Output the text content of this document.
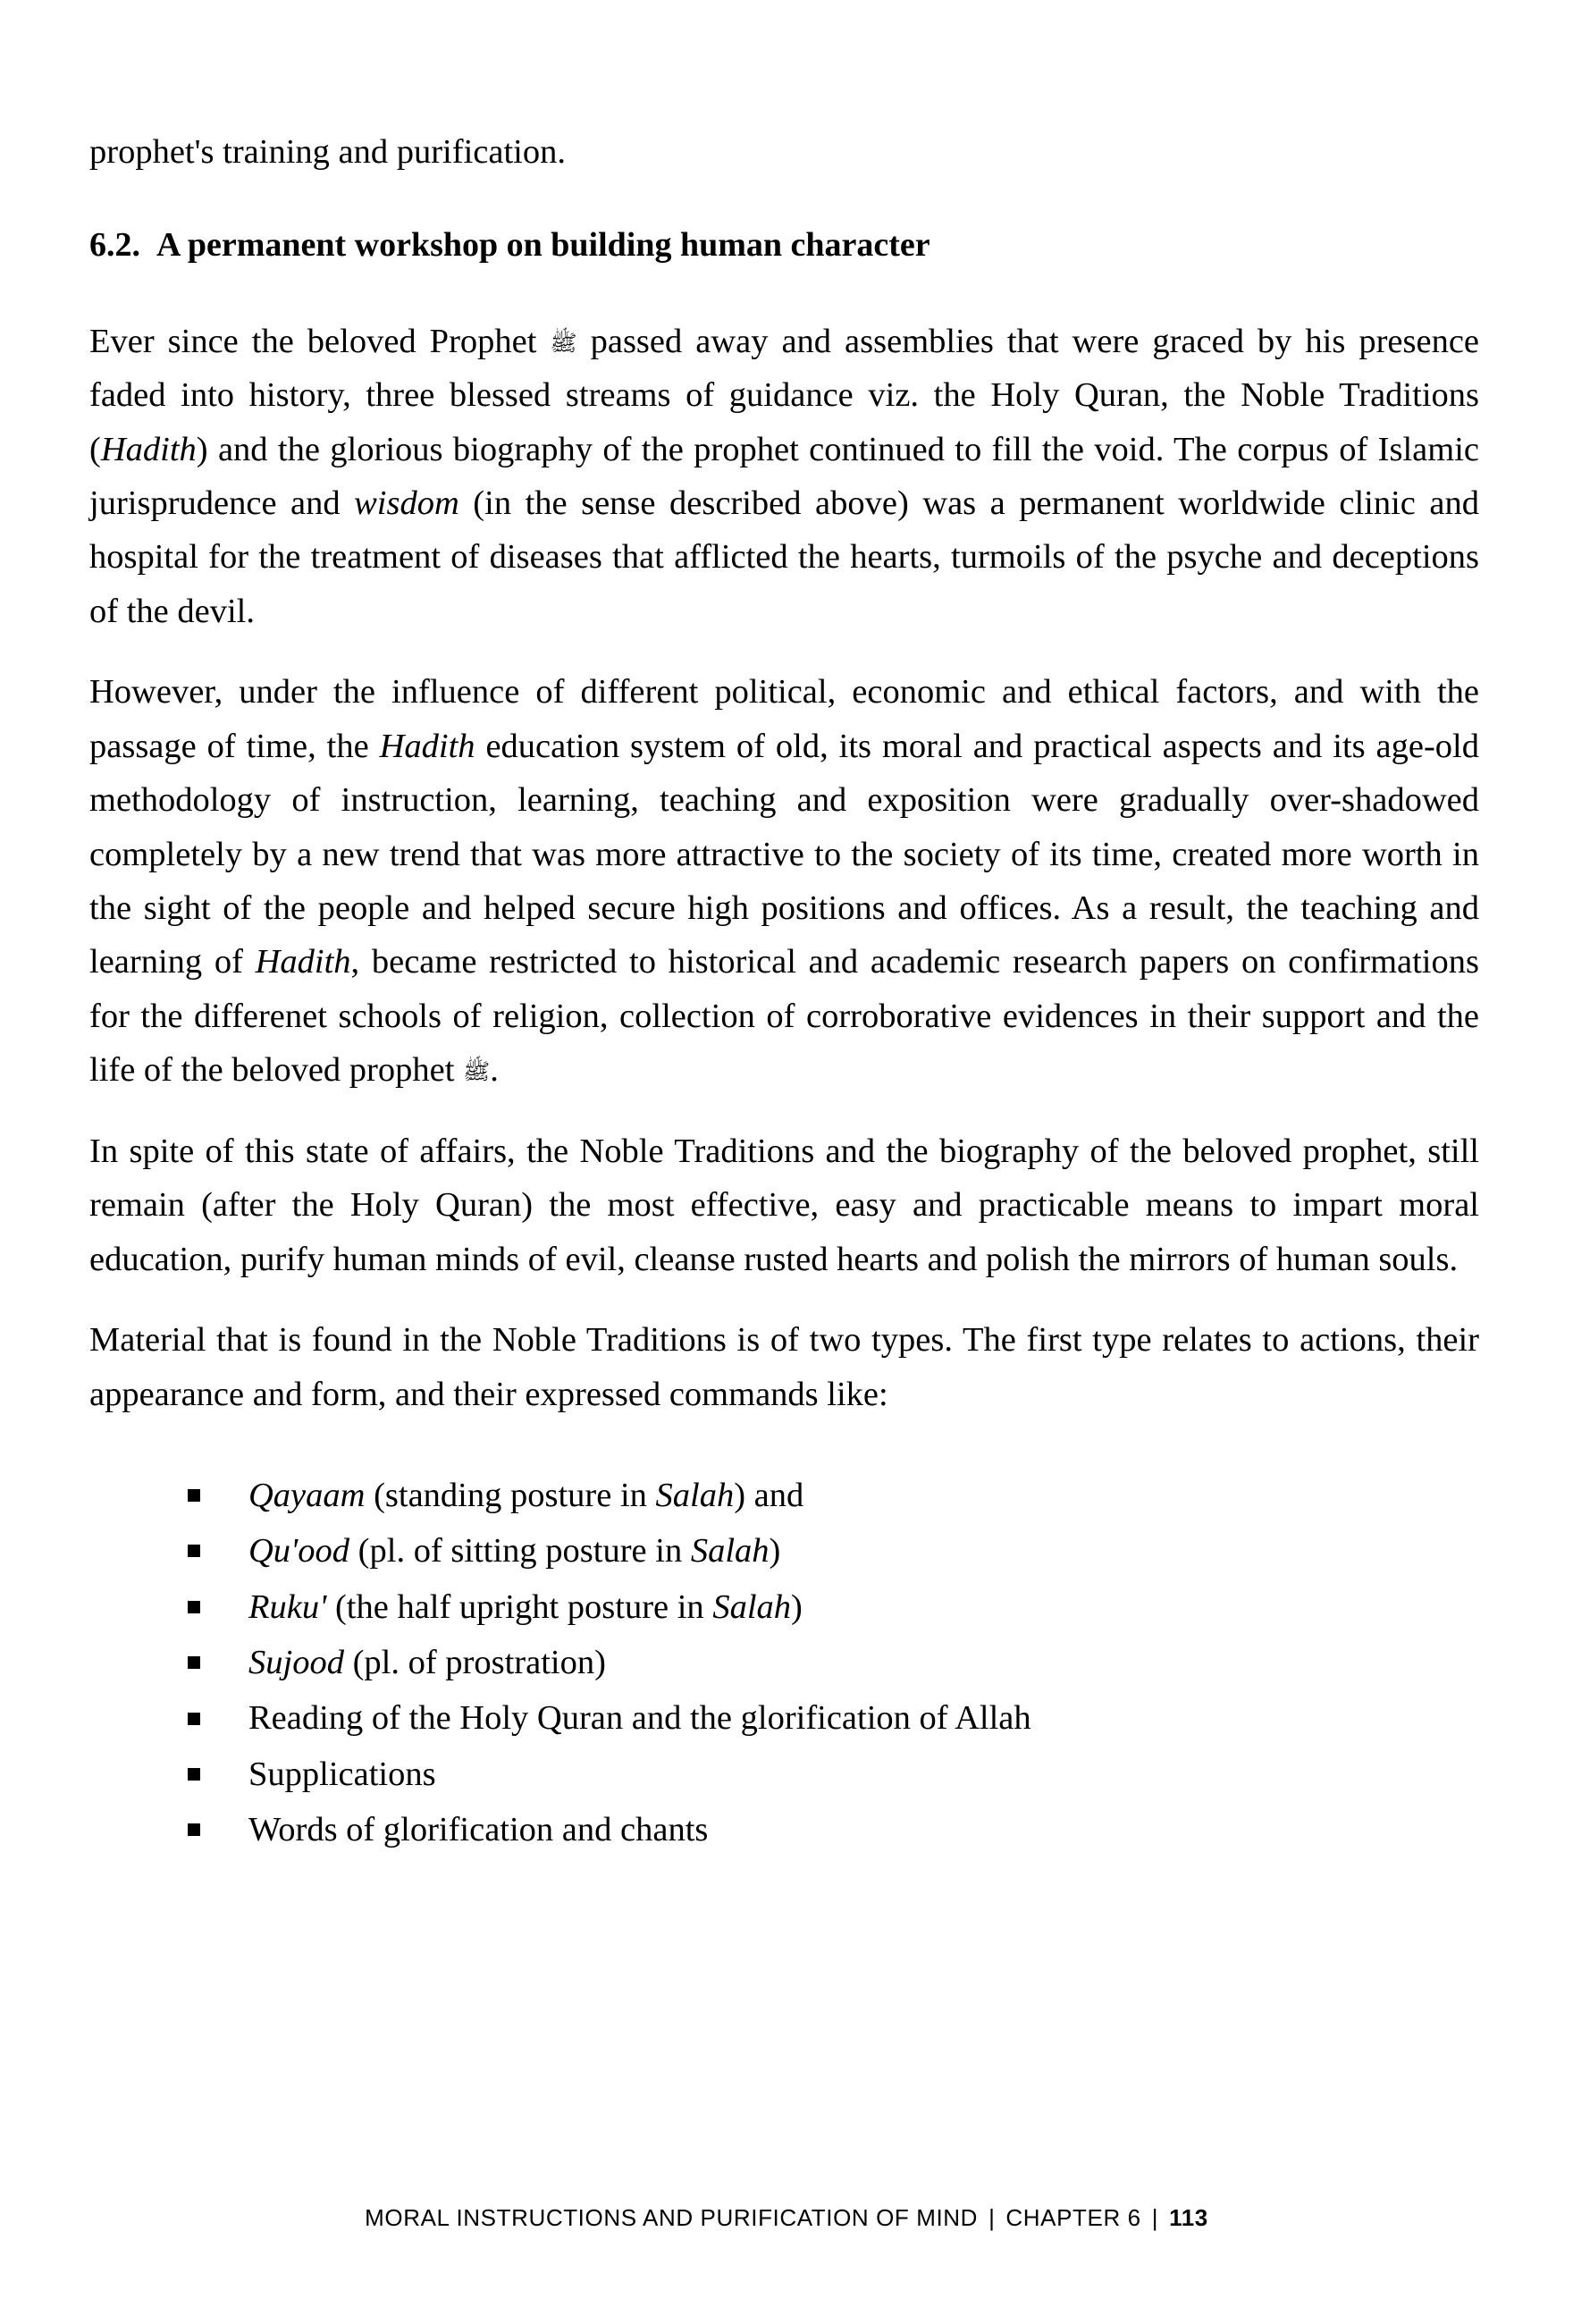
prophet's training and purification.

6.2. A permanent workshop on building human character

Ever since the beloved Prophet ﷺ passed away and assemblies that were graced by his presence faded into history, three blessed streams of guidance viz. the Holy Quran, the Noble Traditions (Hadith) and the glorious biography of the prophet continued to fill the void. The corpus of Islamic jurisprudence and wisdom (in the sense described above) was a permanent worldwide clinic and hospital for the treatment of diseases that afflicted the hearts, turmoils of the psyche and deceptions of the devil.

However, under the influence of different political, economic and ethical factors, and with the passage of time, the Hadith education system of old, its moral and practical aspects and its age-old methodology of instruction, learning, teaching and exposition were gradually over-shadowed completely by a new trend that was more attractive to the society of its time, created more worth in the sight of the people and helped secure high positions and offices. As a result, the teaching and learning of Hadith, became restricted to historical and academic research papers on confirmations for the differenet schools of religion, collection of corroborative evidences in their support and the life of the beloved prophet ﷺ.

In spite of this state of affairs, the Noble Traditions and the biography of the beloved prophet, still remain (after the Holy Quran) the most effective, easy and practicable means to impart moral education, purify human minds of evil, cleanse rusted hearts and polish the mirrors of human souls.

Material that is found in the Noble Traditions is of two types. The first type relates to actions, their appearance and form, and their expressed commands like:

Qayaam (standing posture in Salah) and
Qu'ood (pl. of sitting posture in Salah)
Ruku' (the half upright posture in Salah)
Sujood (pl. of prostration)
Reading of the Holy Quran and the glorification of Allah
Supplications
Words of glorification and chants
MORAL INSTRUCTIONS AND PURIFICATION OF MIND | CHAPTER 6 | 113
